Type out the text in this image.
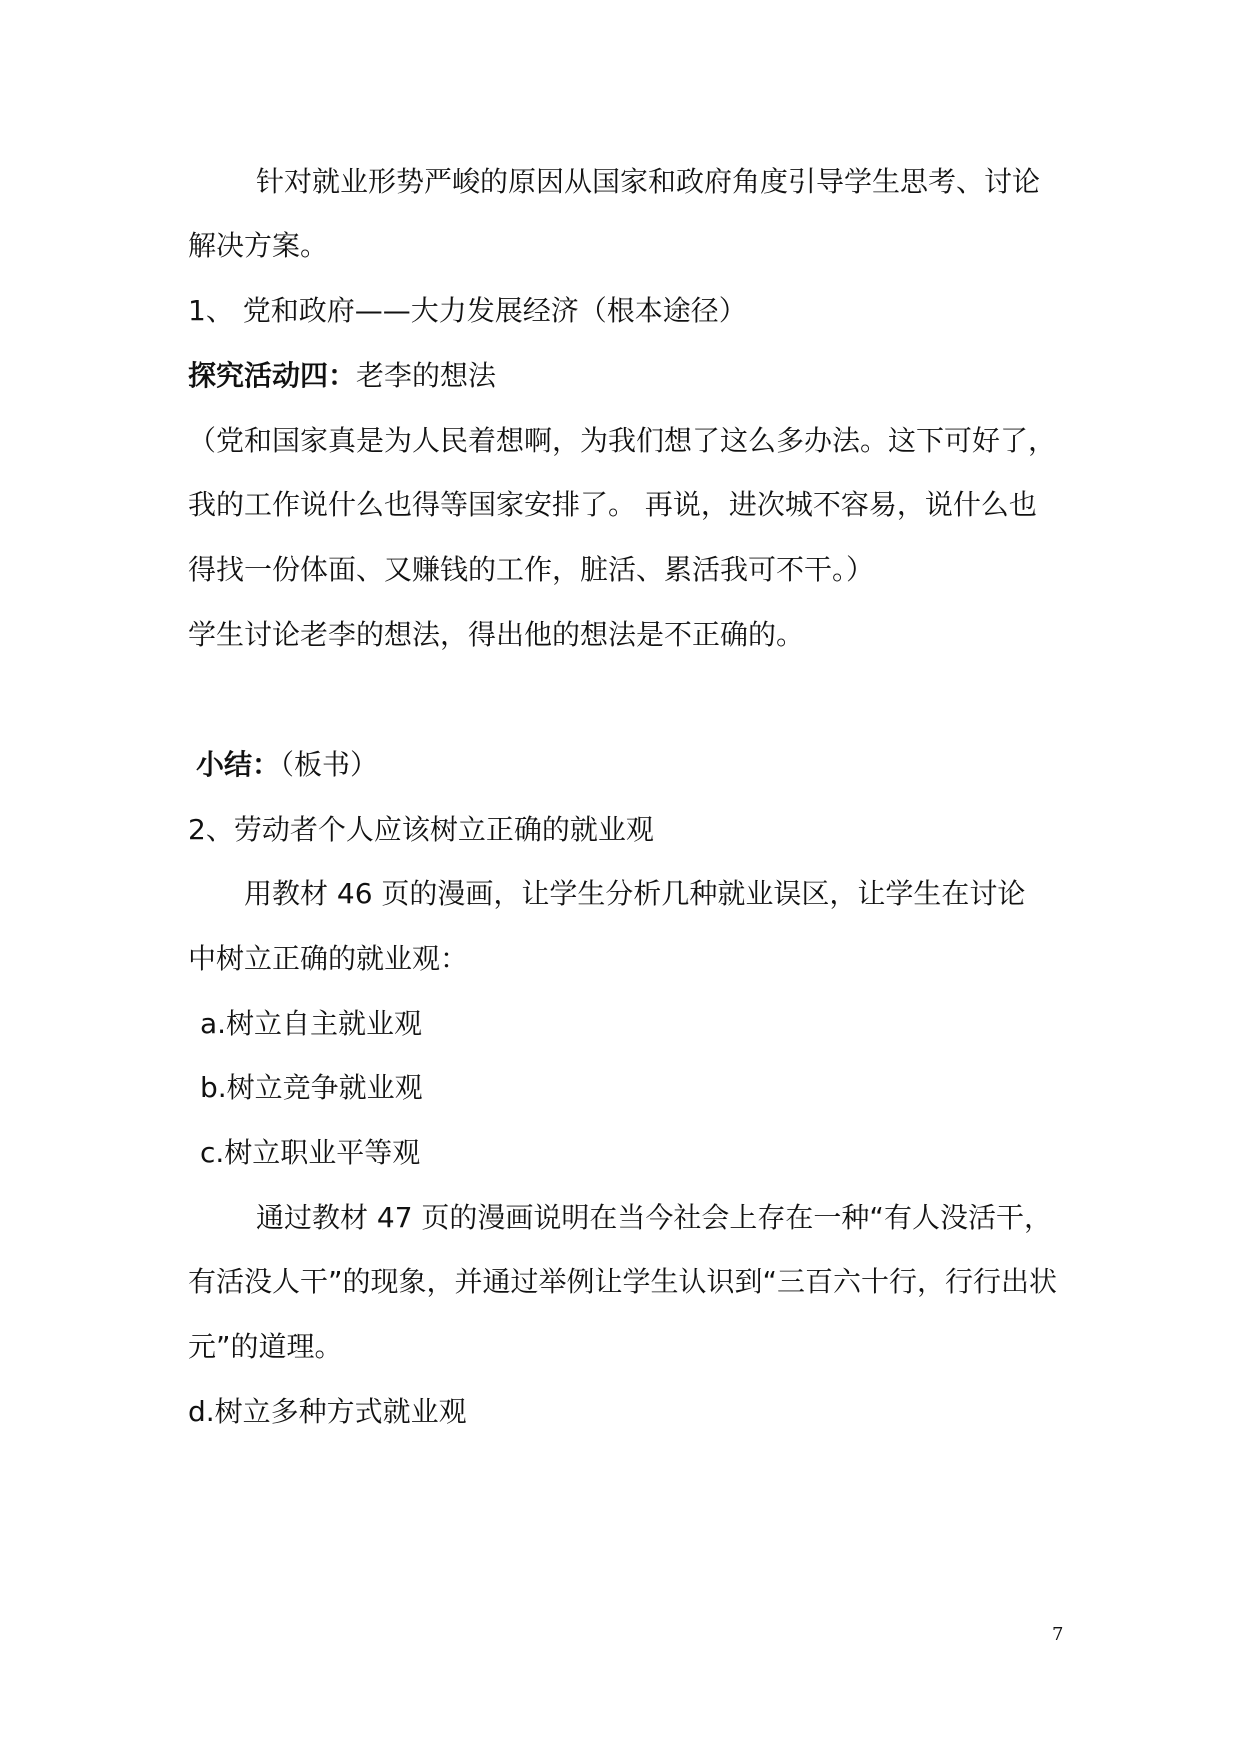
针对就业形势严峻的原因从国家和政府角度引导学生思考、讨论
解决方案。
1、 党和政府——大力发展经济（根本途径）
探究活动四：老李的想法
（党和国家真是为人民着想啊，为我们想了这么多办法。这下可好了，
我的工作说什么也得等国家安排了。 再说，进次城不容易，说什么也
得找一份体面、又赚钱的工作，脏活、累活我可不干。）
学生讨论老李的想法，得出他的想法是不正确的。
小结：（板书）
2、劳动者个人应该树立正确的就业观
用教材 46 页的漫画，让学生分析几种就业误区，让学生在讨论
中树立正确的就业观：
a.树立自主就业观
b.树立竞争就业观
c.树立职业平等观
通过教材 47 页的漫画说明在当今社会上存在一种“有人没活干，
有活没人干”的现象，并通过举例让学生认识到“三百六十行，行行出状
元”的道理。
d.树立多种方式就业观
7
